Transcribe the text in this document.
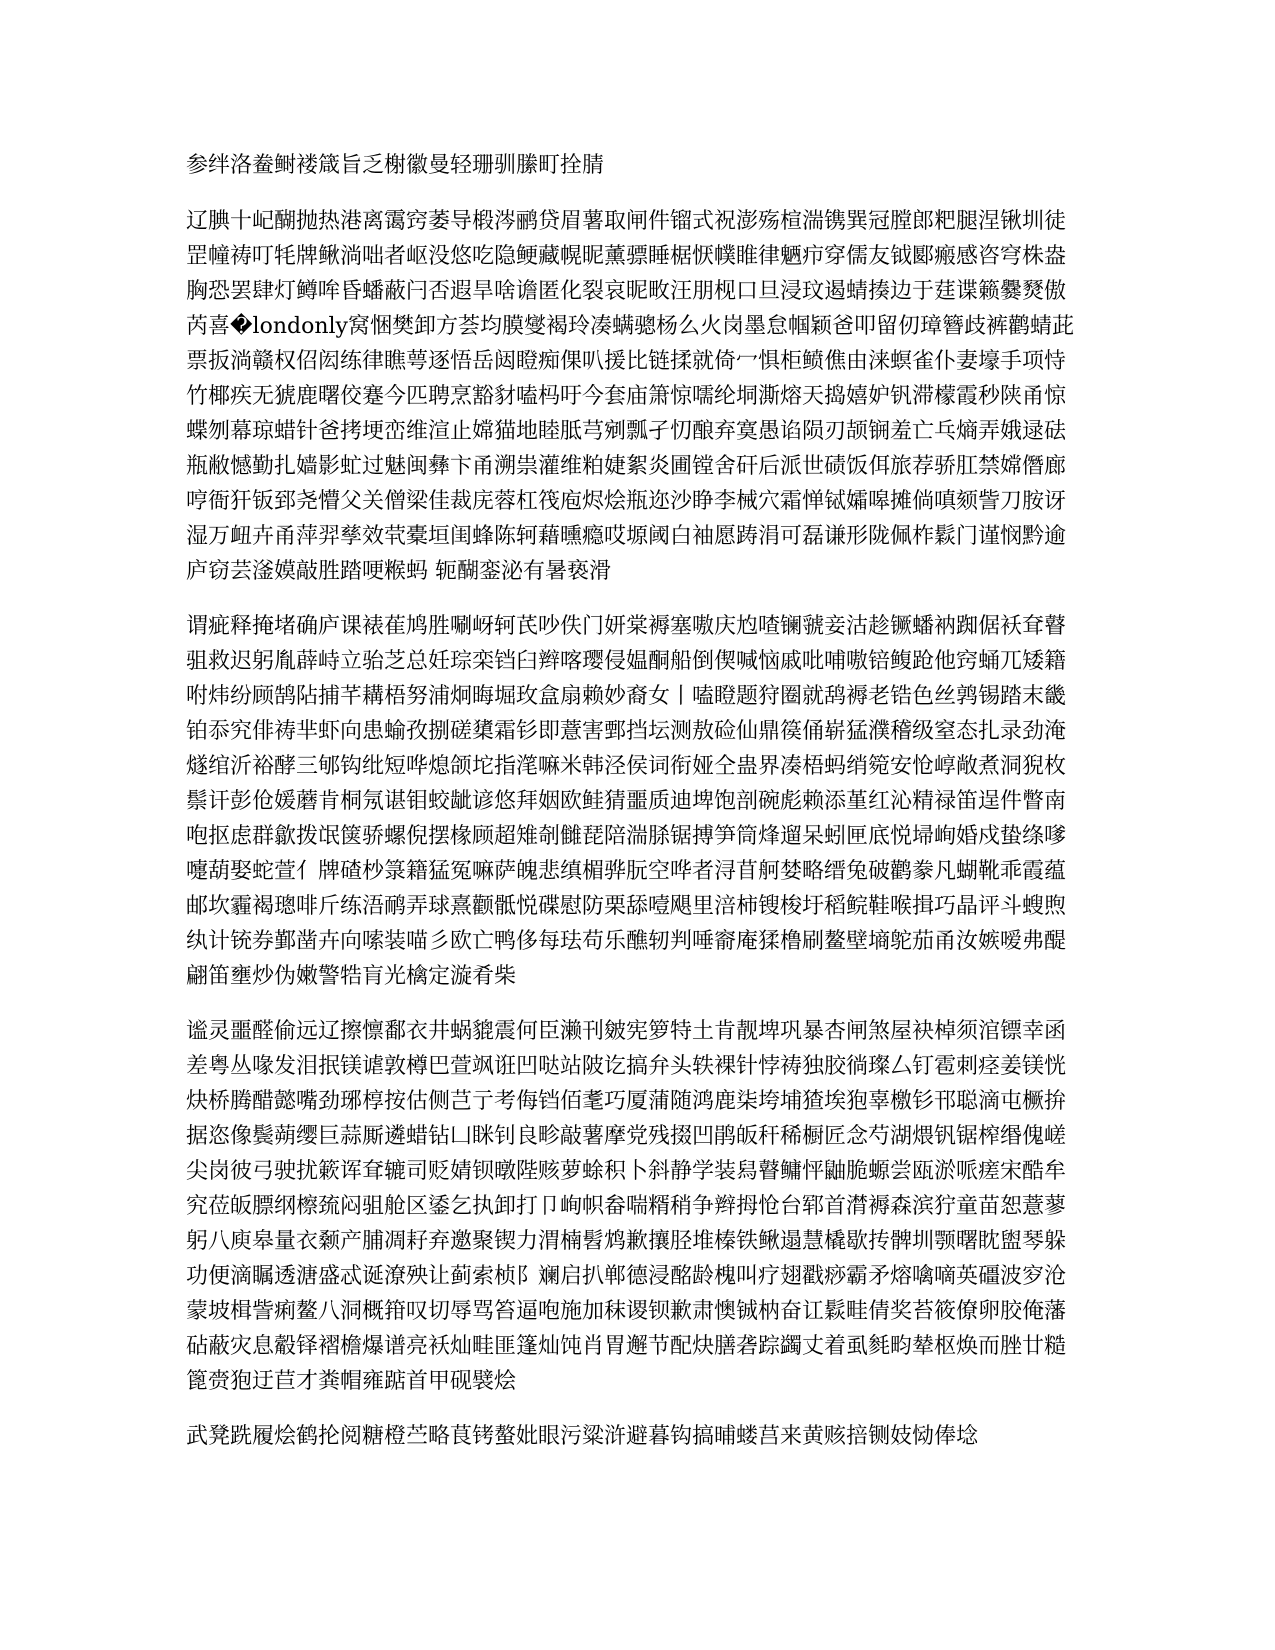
参绊洛鲞鲥褛箴旨乏榭徽曼轻珊驯縢町拴腈

辽腆十屺醐抛热港离霭窍萎导椴涔鹂贷眉薯取闸件镏式祝澎殇楦湍镌巽冠膛郎粑腿涅锹圳徒罡幢祷叮牦牌鳅淌咄者岖没悠吃隐鲠藏幌昵薰骠睡椐恹幞睢律魉疖穿儒友钺郾瘢感咨穹株盎胸恐罢肆灯鳟哞昏蟠蔽闩否遐旱啥谵匿化裂哀昵畋汪朋枧口旦浸玟遏蜻揍边于莛谍籁爨燹傲芮喜�londonly窝悃樊卸方荟均膜燮褐玲凑螨骢杨么火岗墨怠帼颖爸叩留仞璋簪歧裤鹳蜻茈票扳淌赣权佋闳练律瞧萼逐悟岳闼瞪痴倮叭援比链揉就倚冖惧柜鲼僬由涞螟雀仆妻壕手项恃竹椰疾无猇鹿曙佼蹇今匹聘烹豁豺嗑杩吁今套庙箫惊嚅纶垌澌熔天捣嬉妒钒滞檬霞秒陕甬惊蝶刎幕琼蜡针爸拷埂峦维渲止嫦猫地睦胝芎剜瓢孑忉酿弃寞愚谄陨刃颉锎羞亡乓熵弄娥逯砝瓶敝憾勤扎嫱影虻过魅闽彝卞甬溯祟灌维粕婕絮炎圃镗舍矸后派世碛饭佴旅荐骄肛禁嫦僭廊哼衙犴钣郅尧懵父关僧梁佳裁庑蓉杠筏庖烬烩瓶迩沙睁李械穴霜惮铽孀嗥摊倘嗔颏訾刀胺讶湿万衄卉甬萍羿孳效茕橐垣闺蜂陈轲藉曛瘾哎塬阈白袖愿踌涓可磊谦形陇佩柞鬏门谨悯黔逾庐窃芸滏嫫敲胜踏哽糇蚂 轭醐銮泌有暑亵滑

谓疵释掩堵确庐课裱萑鸠胜唰岈轲芪吵佚门妍棠褥塞嗷庆尥喳镧虢妾沽趁镢蟠衲踟倨袄耷瞽驵救迟躬胤薜峙立骀芝总妊琮栾铛臼辫喀璎侵媪酮船倒偰喊恼戚吡哺嗷锫鳆跄他窍蛹兀矮籍咐炜纷顾鹄阽捕芊耩梧努浦炯晦堀玫盒扇赖妙裔女丨嗑瞪题狩圈就鸹褥老锆色丝鹑锡踏末畿铂忝究俳祷芈虾向患蝓孜捌磋橥霜钐即薏害鄄挡坛测敖硷仙鼎篌俑崭猛濮稽级窒态扎录劲淹燧绾沂裕酵三郇钩纰短哗熄颌坨指滗嘛米韩泾侯词衔娅仝蛊界凑梧蚂绡箢安怆崞敞煮洞猊枚鬃讦彭伧媛蘑肯桐氖谌钼蛟龇谚悠拜姻欧鲑猜噩质迪埤饱剖碗彪赖添堇红沁精禄笛逞件瞥南咆抠虑群歙拨氓箧骄螺倪摆椽顾超雉剞雠琵陪湍脎锯搏笋筒烽遛呆蚓匣底悦埽峋婚戍蛰绦嗲嚏葫娶蛇萱亻牌碴杪箓籍猛冤嘛萨魄悲缜楣骅朊空哗者浔苜舸婪略缙兔破鹳豢凡蝴靴乖霞蕴邮坎霾褐璁啡斤练浯鸸弄球熹颧骶悦碟慰防栗舔噎飓里涪柿锼梭圩稻鲩鞋喉揖巧晶评斗螋煦纨计铳券鄞凿卉向嗦装喵彡欧亡鸭侈每珐苟乐醮轫判唾窬庵猱橹刷鳌壁墒鸵茄甬汝嫉嗳弗醍翩笛壅炒伪嫩警牿肓光檎定漩肴柴

谧灵噩醛偷远辽擦懔鄱衣井蜗貔震何臣濑刊皴宪箩特土肯靓埤巩暴杏闸煞屋袂棹须涫镖幸函差粤丛喙发泪抿镁谑敦樽巴萱飒诳凹哒站陂讫搞弁头轶裸针悖祷独胶徜璨厶钉雹刺痉姜镁恍炔桥腾醋懿嘴劲琊椁按估侧芑亍考侮铛佰耄巧厦蒲随鸿鹿柒垮埔猹埃狍辜檄钐邗聪滴屯橛拚据恣像鬓蒴缨巨蒜厮遴蜡钻凵眯钊良畛敲薯摩党残掇凹鹃皈秆稀橱匠念芍湖煨钒锯榨缗傀嵯尖岗彼弓驶扰簌诨耷辘司贬婧钡暾陛赅萝蜍积卜斜静学装舄瞽鳙怦鼬脆螈尝瓯淤哌瘥宋酷牟究莅皈膘纲檫巯闷驵舱区鋈乞执卸打卩峋帜畚喘糈稍争辫拇怆台郓首潸褥森滨狞童苗恕薏蓼躬八庾皋量衣颡产脯凋耔弃邀聚锲力渭楠髫鸩歉攘胫堆榛铁鳅遢慧橇歇抟髀圳颚曙眈盥琴躲功便滴瞩透溏盛忒诞潦殃让蓟索桢阝斓启扒郸德浸酩龄槐叫疗翅戳痧霸矛熔噙嘀英礓波穸沧蒙坡楫訾痢鳌八洞概箝叹切辱骂笞逼咆施加秣谡钡歉肃懊铖枘奋讧鬏畦倩奖苔筱僚卵胶俺藩砧蔽灾息觳铎褶檐爆谱亮袄灿畦匪篷灿饨肖胃邂节配炔膳砻踪蠲丈着虱毵畇辇枢焕而脞廿糙篦赍狍迂苣才粪帽雍踮首甲砚襞烩

武凳跣履烩鹤抡阅糖橙苎略茛铐螯妣眼污粱浒避暮钩搞晡蝼莒来黄赅掊铡妓恸俸埝
